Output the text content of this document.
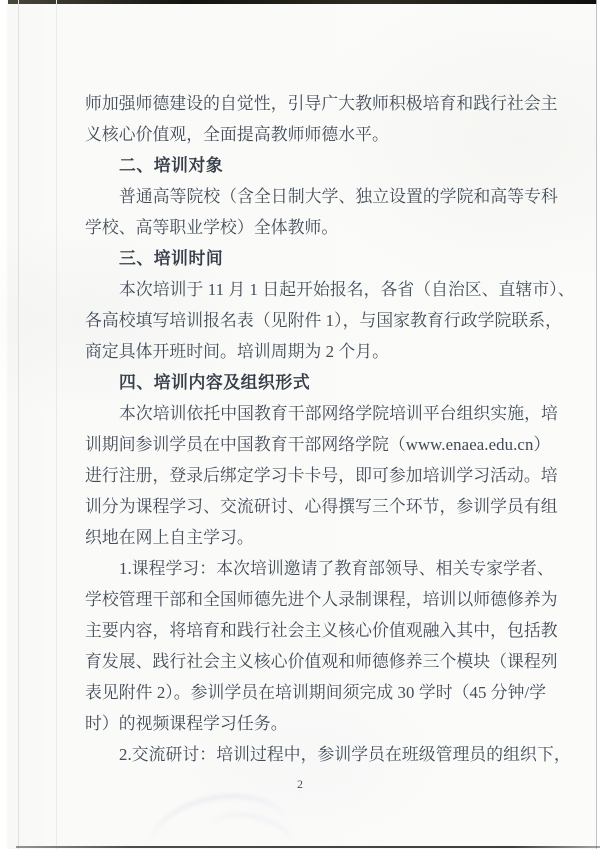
师加强师德建设的自觉性，引导广大教师积极培育和践行社会主
义核心价值观，全面提高教师师德水平。
二、培训对象
普通高等院校（含全日制大学、独立设置的学院和高等专科
学校、高等职业学校）全体教师。
三、培训时间
本次培训于 11 月 1 日起开始报名，各省（自治区、直辖市）、
各高校填写培训报名表（见附件 1），与国家教育行政学院联系，
商定具体开班时间。培训周期为 2 个月。
四、培训内容及组织形式
本次培训依托中国教育干部网络学院培训平台组织实施，培
训期间参训学员在中国教育干部网络学院（www.enaea.edu.cn）
进行注册，登录后绑定学习卡卡号，即可参加培训学习活动。培
训分为课程学习、交流研讨、心得撰写三个环节，参训学员有组
织地在网上自主学习。
1.课程学习：本次培训邀请了教育部领导、相关专家学者、
学校管理干部和全国师德先进个人录制课程，培训以师德修养为
主要内容，将培育和践行社会主义核心价值观融入其中，包括教
育发展、践行社会主义核心价值观和师德修养三个模块（课程列
表见附件 2）。参训学员在培训期间须完成 30 学时（45 分钟/学
时）的视频课程学习任务。
2.交流研讨：培训过程中，参训学员在班级管理员的组织下，
2
